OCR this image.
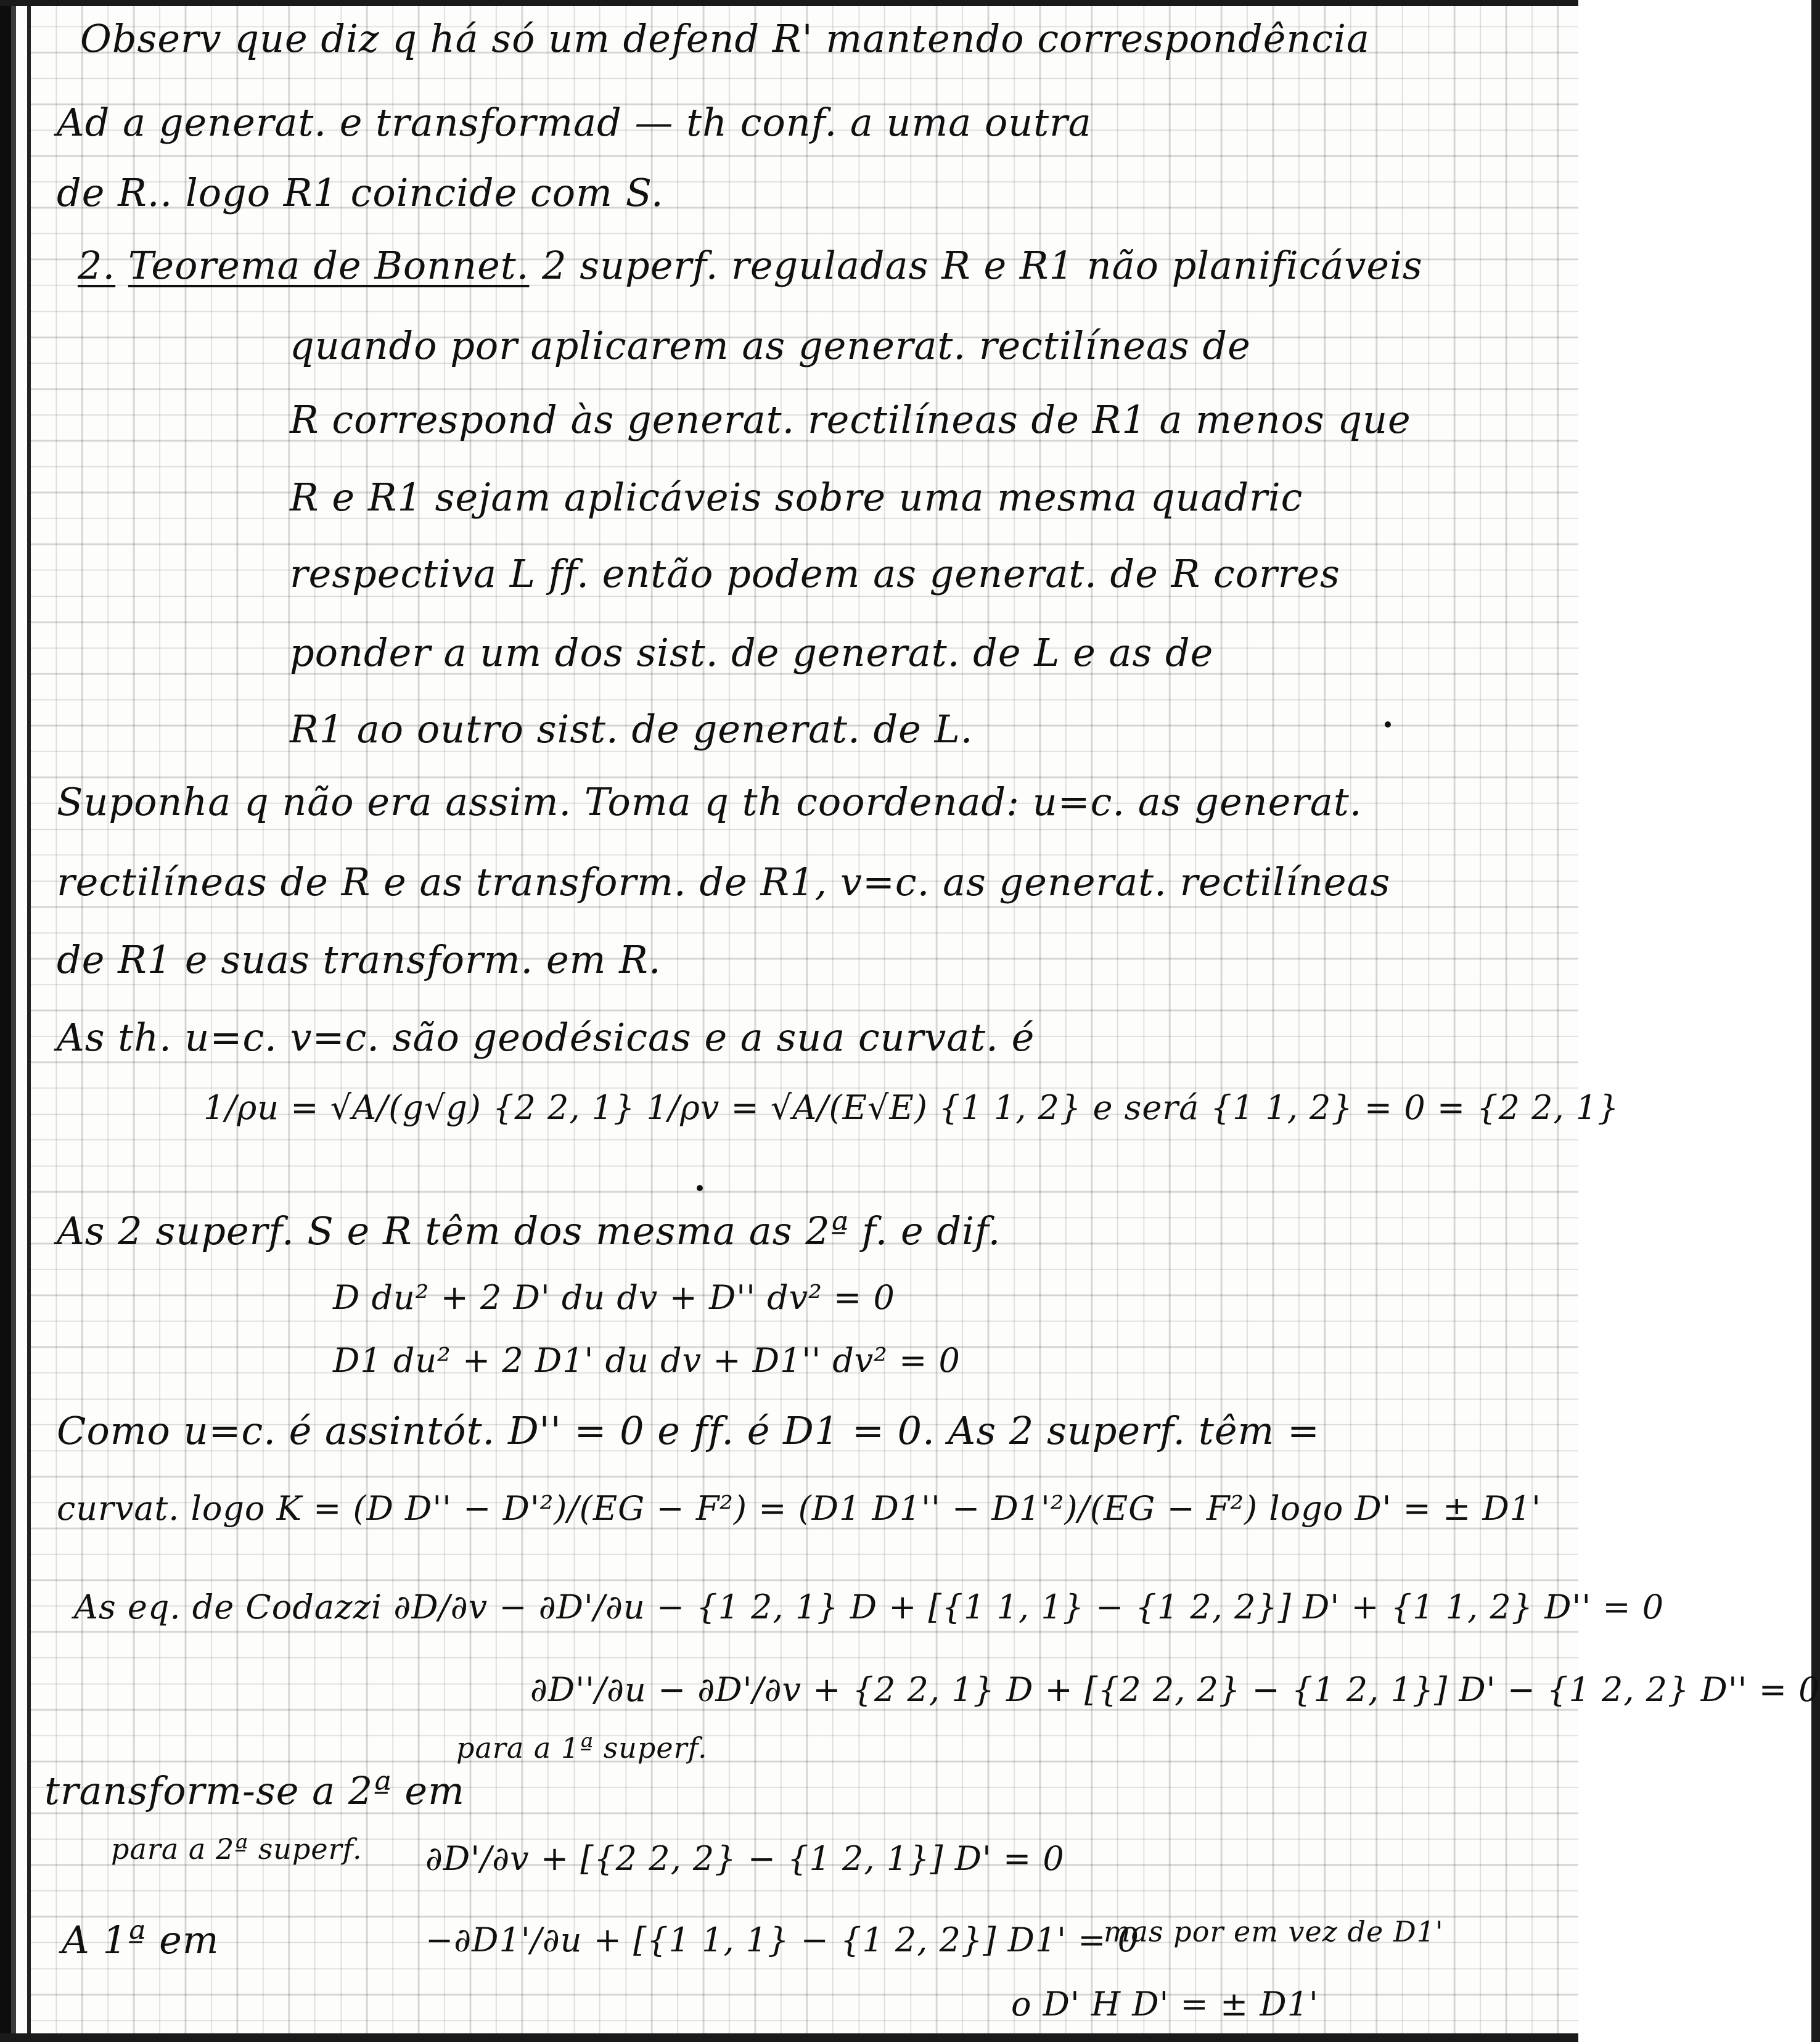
Observ que diz q há só um defend R' mantendo correspondência
Ad a generat. e transformad — th conf. a uma outra
de R.. logo R1 coincide com S.
2. Teorema de Bonnet. 2 superf. reguladas R e R1 não planificáveis
quando por aplicarem as generat. rectilíneas de
R correspond às generat. rectilíneas de R1 a menos que
R e R1 sejam aplicáveis sobre uma mesma quadric
respectiva L ff. então podem as generat. de R corres
ponder a um dos sist. de generat. de L e as de
R1 ao outro sist. de generat. de L.
Suponha q não era assim. Toma q th coordenad: u=c. as generat.
rectilíneas de R e as transform. de R1, v=c. as generat. rectilíneas
de R1 e suas transform. em R.
As th. u=c. v=c. são geodésicas e a sua curvat. é
1/ρu = √A/(g√g) {2 2, 1} 1/ρv = √A/(E√E) {1 1, 2} e será {1 1, 2} = 0 = {2 2, 1}
As 2 superf. S e R têm dos mesma as 2ª f. e dif.
D du² + 2 D' du dv + D'' dv² = 0
D1 du² + 2 D1' du dv + D1'' dv² = 0
Como u=c. é assintót. D'' = 0 e ff. é D1 = 0. As 2 superf. têm =
curvat. logo K = (D D'' − D'²)/(EG − F²) = (D1 D1'' − D1'²)/(EG − F²) logo D' = ± D1'
As eq. de Codazzi ∂D/∂v − ∂D'/∂u − {1 2, 1} D + [{1 1, 1} − {1 2, 2}] D' + {1 1, 2} D'' = 0
∂D''/∂u − ∂D'/∂v + {2 2, 1} D + [{2 2, 2} − {1 2, 1}] D' − {1 2, 2} D'' = 0
para a 1ª superf.
transform-se a 2ª em
para a 2ª superf. ∂D'/∂v + [{2 2, 2} − {1 2, 1}] D' = 0
A 1ª em	−∂D1'/∂u + [{1 1, 1} − {1 2, 2}] D1' = 0
mas por em vez de D1'
o D' H D' = ± D1'
